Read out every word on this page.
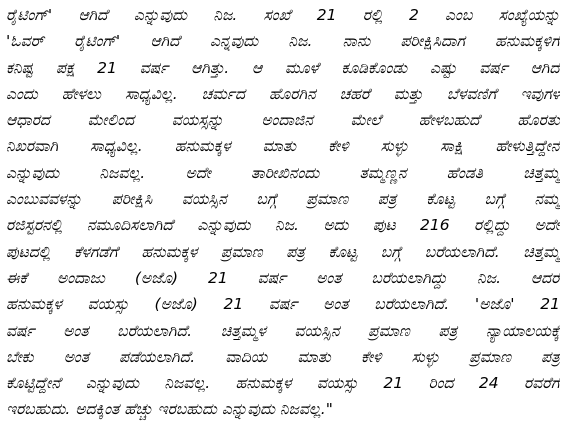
ರೈಟಿಂಗ್' ಆಗಿದೆ ಎನ್ನುವುದು ನಿಜ. ಸಂಖೆ 21 ರಲ್ಲಿ 2 ಎಂಬ ಸಂಖ್ಯೆಯನ್ನು
'ಓವರ್ ರೈಟಿಂಗ್' ಆಗಿದೆ ಎನ್ನವುದು ನಿಜ. ನಾನು ಪರೀಕ್ಷಿಸಿದಾಗ ಹನುಮಕ್ಕಳಿಗೆ
ಕನಿಷ್ಟ ಪಕ್ಷ 21 ವರ್ಷ ಆಗಿತ್ತು. ಆ ಮೂಳೆ ಕೂಡಿಕೊಂಡು ಎಷ್ಟು ವರ್ಷ ಆಗಿದೆ
ಎಂದು ಹೇಳಲು ಸಾಧ್ಯವಿಲ್ಲ. ಚರ್ಮದ ಹೊರಗಿನ ಚಹರೆ ಮತ್ತು ಬೆಳವಣಿಗೆ ಇವುಗಳ
ಆಧಾರದ ಮೇಲಿಂದ ವಯಸ್ಸನ್ನು ಅಂದಾಜಿನ ಮೇಲೆ ಹೇಳಬಹುದೆ ಹೊರತು
ನಿಖರವಾಗಿ ಸಾಧ್ಯವಿಲ್ಲ. ಹನುಮಕ್ಕಳ ಮಾತು ಕೇಳಿ ಸುಳ್ಳು ಸಾಕ್ಷಿ ಹೇಳುತ್ತಿದ್ದೇನೆ
ಎನ್ನುವುದು ನಿಜವಲ್ಲ. ಅದೇ ತಾರೀಖಿನಂದು ತಮ್ಮಣ್ಣನ ಹೆಂಡತಿ ಚಿತ್ತಮ್ಮ
ಎಂಬುವವಳನ್ನು ಪರೀಕ್ಷಿಸಿ ವಯಸ್ಸಿನ ಬಗ್ಗೆ ಪ್ರಮಾಣ ಪತ್ರ ಕೊಟ್ಟ ಬಗ್ಗೆ ನಮ್ಮ
ರಜಿಸ್ಟರನಲ್ಲಿ ನಮೂದಿಸಲಾಗಿದೆ ಎನ್ನುವುದು ನಿಜ. ಅದು ಪುಟ 216 ರಲ್ಲಿದ್ದು ಅದೇ
ಪುಟದಲ್ಲಿ ಕೆಳಗಡೆಗೆ ಹನುಮಕ್ಕಳ ಪ್ರಮಾಣ ಪತ್ರ ಕೊಟ್ಟ ಬಗ್ಗೆ ಬರೆಯಲಾಗಿದೆ. ಚಿತ್ತಮ್ಮ
ಈಕೆ ಅಂದಾಜು (ಅಜೊ) 21 ವರ್ಷ ಅಂತ ಬರೆಯಲಾಗಿದ್ದು ನಿಜ. ಆದರೆ
ಹನುಮಕ್ಕಳ ವಯಸ್ಸು (ಅಜೊ) 21 ವರ್ಷ ಅಂತ ಬರೆಯಲಾಗಿದೆ. 'ಅಜೊ' 21
ವರ್ಷ ಅಂತ ಬರೆಯಲಾಗಿದೆ. ಚಿತ್ತಮ್ಮಳ ವಯಸ್ಸಿನ ಪ್ರಮಾಣ ಪತ್ರ ನ್ಯಾಯಾಲಯಕ್ಕೆ
ಬೇಕು ಅಂತ ಪಡೆಯಲಾಗಿದೆ. ವಾದಿಯ ಮಾತು ಕೇಳಿ ಸುಳ್ಳು ಪ್ರಮಾಣ ಪತ್ರ
ಕೊಟ್ಟಿದ್ದೇನೆ ಎನ್ನುವುದು ನಿಜವಲ್ಲ. ಹನುಮಕ್ಕಳ ವಯಸ್ಸು 21 ರಿಂದ 24 ರವರೆಗೆ
ಇರಬಹುದು. ಅದಕ್ಕಿಂತ ಹೆಚ್ಚು ಇರಬಹುದು ಎನ್ನುವುದು ನಿಜವಲ್ಲ."
